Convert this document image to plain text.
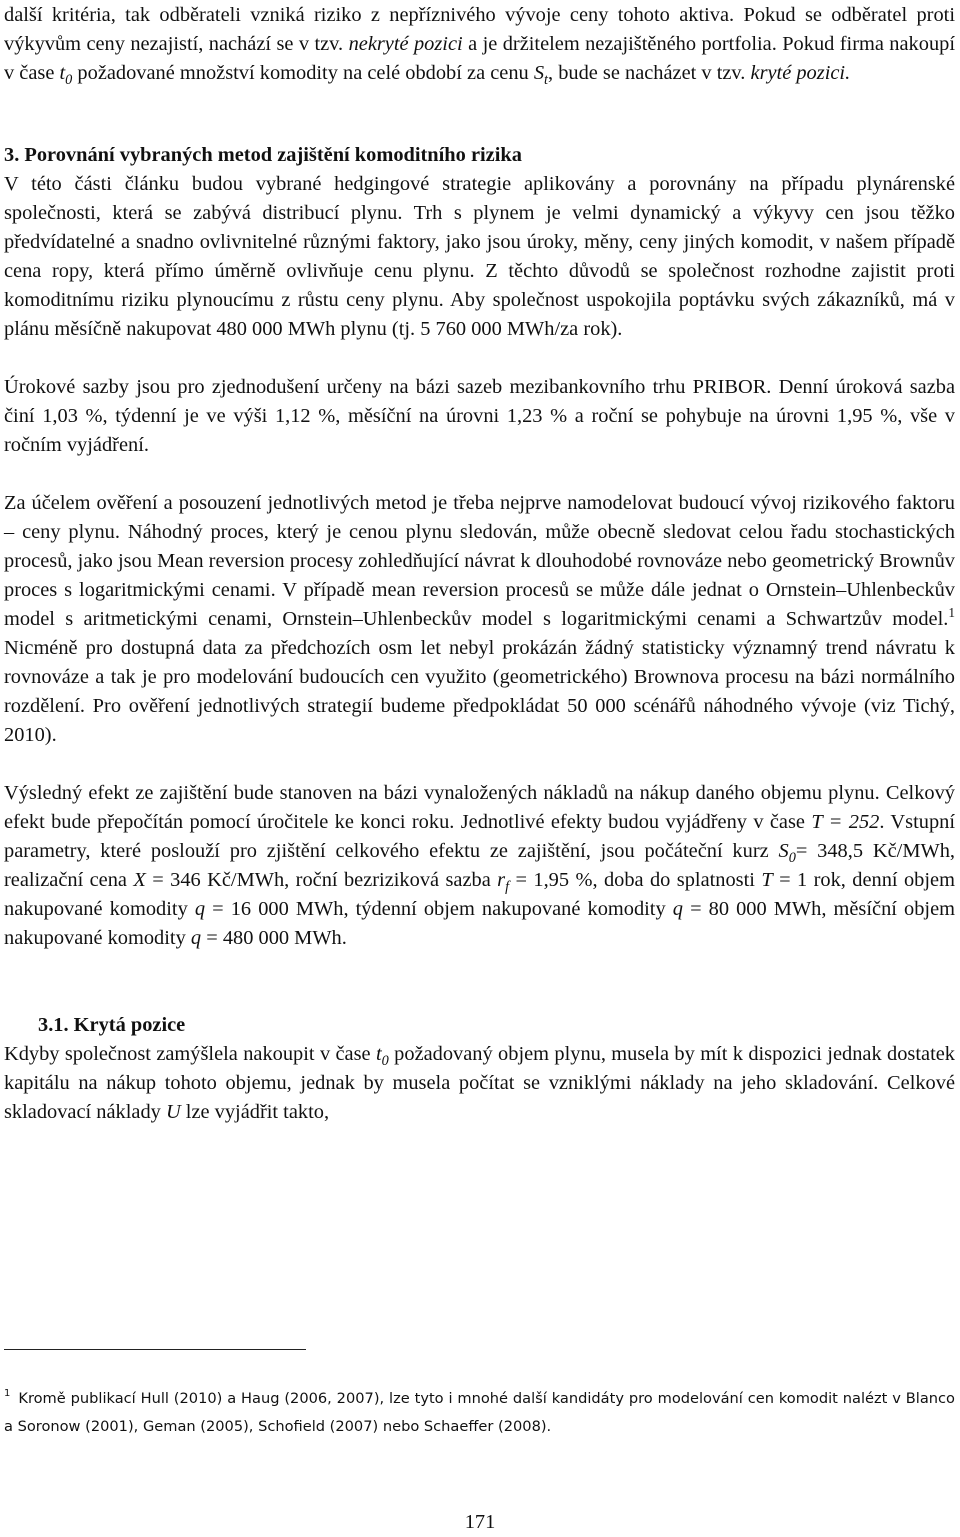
další kritéria, tak odběrateli vzniká riziko z nepříznivého vývoje ceny tohoto aktiva. Pokud se odběratel proti výkyvům ceny nezajistí, nachází se v tzv. nekryté pozici a je držitelem nezajištěného portfolia. Pokud firma nakoupí v čase $t_0$ požadované množství komodity na celé období za cenu $S_t$, bude se nacházet v tzv. kryté pozici.

3. Porovnání vybraných metod zajištění komoditního rizika

V této části článku budou vybrané hedgingové strategie aplikovány a porovnány na případu plynárenské společnosti, která se zabývá distribucí plynu. Trh s plynem je velmi dynamický a výkyvy cen jsou těžko předvídatelné a snadno ovlivnitelné různými faktory, jako jsou úroky, měny, ceny jiných komodit, v našem případě cena ropy, která přímo úměrně ovlivňuje cenu plynu. Z těchto důvodů se společnost rozhodne zajistit proti komoditnímu riziku plynoucímu z růstu ceny plynu. Aby společnost uspokojila poptávku svých zákazníků, má v plánu měsíčně nakupovat 480 000 MWh plynu (tj. 5 760 000 MWh/za rok).

Úrokové sazby jsou pro zjednodušení určeny na bázi sazeb mezibankovního trhu PRIBOR. Denní úroková sazba činí 1,03 %, týdenní je ve výši 1,12 %, měsíční na úrovni 1,23 % a roční se pohybuje na úrovni 1,95 %, vše v ročním vyjádření.

Za účelem ověření a posouzení jednotlivých metod je třeba nejprve namodelovat budoucí vývoj rizikového faktoru – ceny plynu. Náhodný proces, který je cenou plynu sledován, může obecně sledovat celou řadu stochastických procesů, jako jsou Mean reversion procesy zohledňující návrat k dlouhodobé rovnováze nebo geometrický Brownův proces s logaritmickými cenami. V případě mean reversion procesů se může dále jednat o Ornstein–Uhlenbeckův model s aritmetickými cenami, Ornstein–Uhlenbeckův model s logaritmickými cenami a Schwartzův model.$^1$ Nicméně pro dostupná data za předchozích osm let nebyl prokázán žádný statisticky významný trend návratu k rovnováze a tak je pro modelování budoucích cen využito (geometrického) Brownova procesu na bázi normálního rozdělení. Pro ověření jednotlivých strategií budeme předpokládat 50 000 scénářů náhodného vývoje (viz Tichý, 2010).

Výsledný efekt ze zajištění bude stanoven na bázi vynaložených nákladů na nákup daného objemu plynu. Celkový efekt bude přepočítán pomocí úročitele ke konci roku. Jednotlivé efekty budou vyjádřeny v čase T = 252. Vstupní parametry, které poslouží pro zjištění celkového efektu ze zajištění, jsou počáteční kurz $S_0= 348,5$ Kč/MWh, realizační cena X = 346 Kč/MWh, roční bezriziková sazba $r_f = 1,95$ %, doba do splatnosti T = 1 rok, denní objem nakupované komodity q = 16 000 MWh, týdenní objem nakupované komodity q = 80 000 MWh, měsíční objem nakupované komodity q = 480 000 MWh.

3.1. Krytá pozice

Kdyby společnost zamýšlela nakoupit v čase $t_0$ požadovaný objem plynu, musela by mít k dispozici jednak dostatek kapitálu na nákup tohoto objemu, jednak by musela počítat se vzniklými náklady na jeho skladování. Celkové skladovací náklady U lze vyjádřit takto,

$^1$ Kromě publikací Hull (2010) a Haug (2006, 2007), lze tyto i mnohé další kandidáty pro modelování cen komodit nalézt v Blanco a Soronow (2001), Geman (2005), Schofield (2007) nebo Schaeffer (2008).
171
